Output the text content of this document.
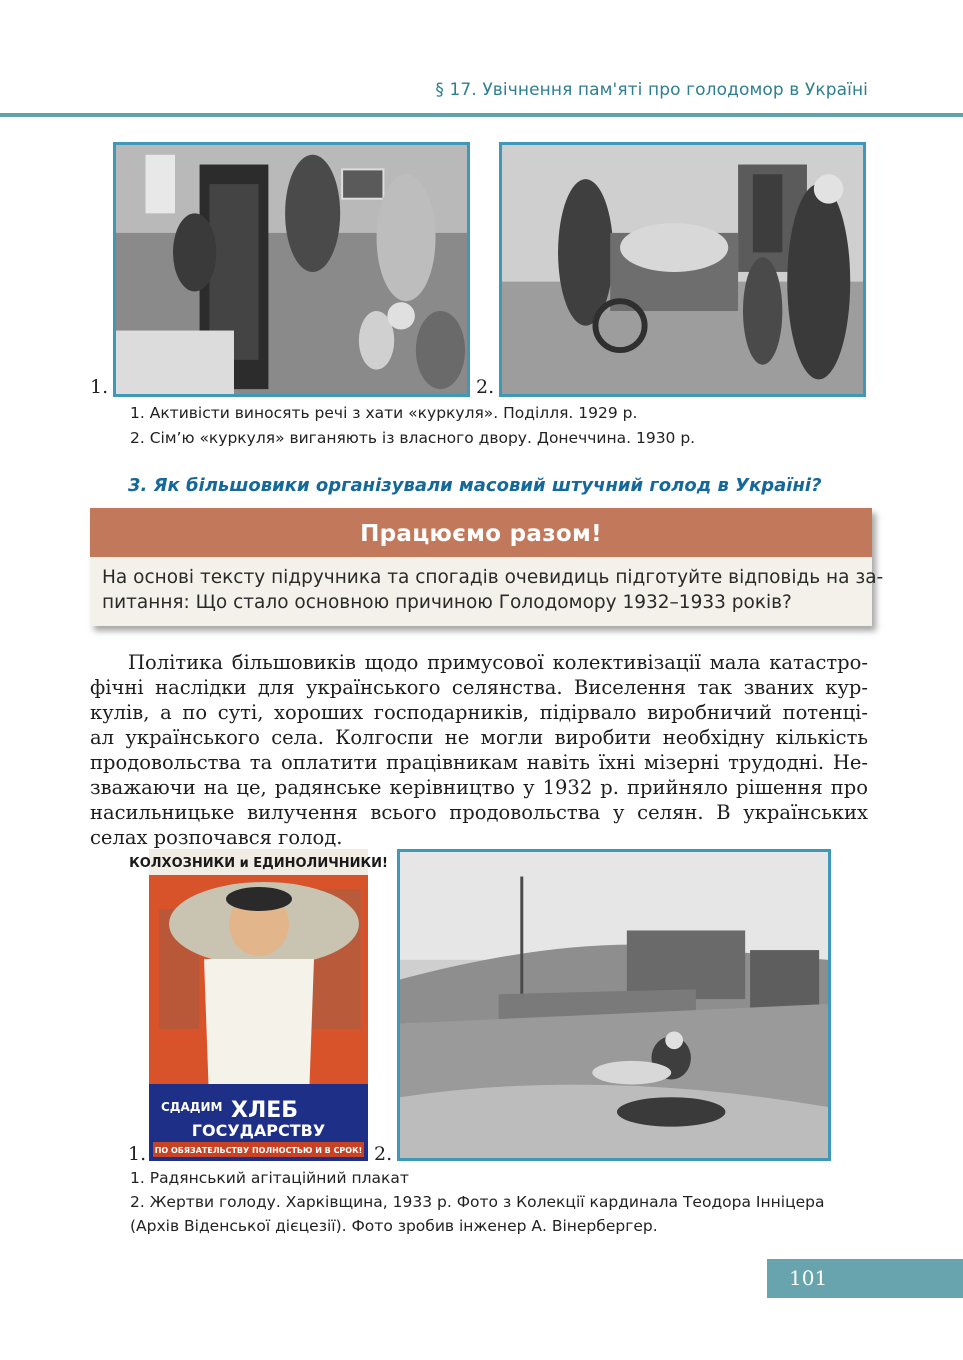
§ 17. Увічнення пам'яті про голодомор в Україні
1.	2.
1. Активісти виносять речі з хати «куркуля». Поділля. 1929 р.
2. Сім’ю «куркуля» виганяють із власного двору. Донеччина. 1930 р.
3. Як більшовики організували масовий штучний голод в Україні?
Працюємо разом!
На основі тексту підручника та спогадів очевидиць підготуйте відповідь на за-
питання: Що стало основною причиною Голодомору 1932–1933 років?
Політика більшовиків щодо примусової колективізації мала катастро-
фічні наслідки для українського селянства. Виселення так званих кур-
кулів, а по суті, хороших господарників, підірвало виробничий потенці-
ал українського села. Колгоспи не могли виробити необхідну кількість
продовольства та оплатити працівникам навіть їхні мізерні трудодні. Не-
зважаючи на це, радянське керівництво у 1932 р. прийняло рішення про
насильницьке вилучення всього продовольства у селян. В українських
селах розпочався голод.
1.
КОЛХОЗНИКИ и ЕДИНОЛИЧНИКИ!
СДАДИМ ХЛЕБ
ГОСУДАРСТВУ
ПО ОБЯЗАТЕЛЬСТВУ ПОЛНОСТЬЮ И В СРОК! 2.
1. Радянський агітаційний плакат
2. Жертви голоду. Харківщина, 1933 р. Фото з Колекції кардинала Теодора Інніцера
(Архів Віденської дієцезії). Фото зробив інженер А. Вінербергер.
101
